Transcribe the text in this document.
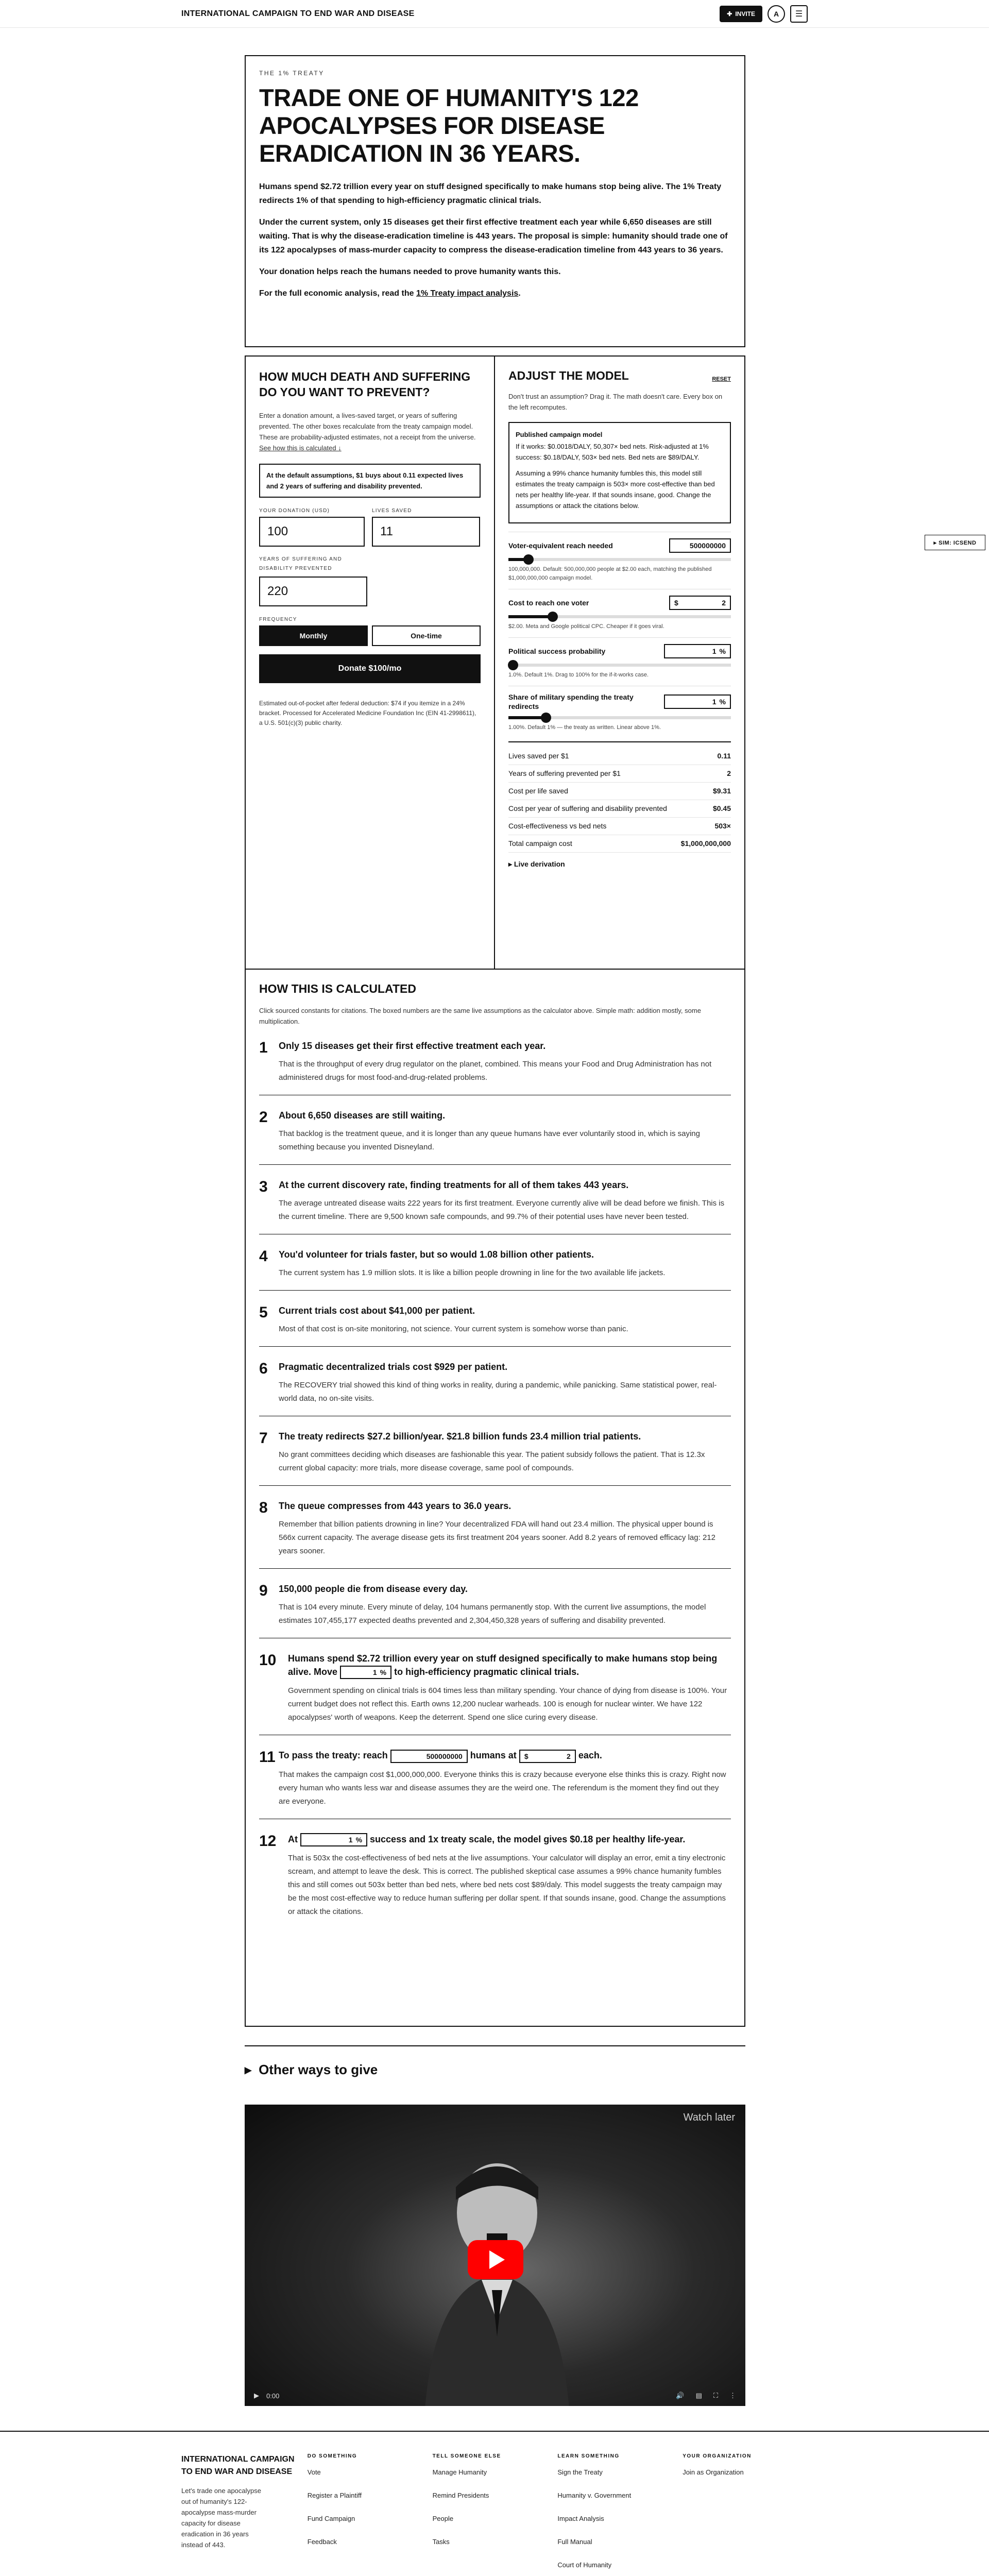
INTERNATIONAL CAMPAIGN TO END WAR AND DISEASE	✚ INVITE	A	☰
THE 1% TREATY
TRADE ONE OF HUMANITY'S 122 APOCALYPSES FOR DISEASE ERADICATION IN 36 YEARS.

Humans spend $2.72 trillion every year on stuff designed specifically to make humans stop being alive. The 1% Treaty redirects 1% of that spending to high-efficiency pragmatic clinical trials.

Under the current system, only 15 diseases get their first effective treatment each year while 6,650 diseases are still waiting. That is why the disease-eradication timeline is 443 years. The proposal is simple: humanity should trade one of its 122 apocalypses of mass-murder capacity to compress the disease-eradication timeline from 443 years to 36 years.

Your donation helps reach the humans needed to prove humanity wants this.

For the full economic analysis, read the 1% Treaty impact analysis.

HOW MUCH DEATH AND SUFFERING DO YOU WANT TO PREVENT?

Enter a donation amount, a lives-saved target, or years of suffering prevented. The other boxes recalculate from the treaty campaign model. These are probability-adjusted estimates, not a receipt from the universe. See how this is calculated ↓

At the default assumptions, $1 buys about 0.11 expected lives and 2 years of suffering and disability prevented.
YOUR DONATION (USD)
100
LIVES SAVED
11
YEARS OF SUFFERING AND DISABILITY PREVENTED
220
FREQUENCY
Monthly	One-time
Donate $100/mo

Estimated out-of-pocket after federal deduction: $74 if you itemize in a 24% bracket. Processed for Accelerated Medicine Foundation Inc (EIN 41-2998611), a U.S. 501(c)(3) public charity.

ADJUST THE MODEL	RESET

Don't trust an assumption? Drag it. The math doesn't care. Every box on the left recomputes.

Published campaign model

If it works: $0.0018/DALY, 50,307× bed nets. Risk-adjusted at 1% success: $0.18/DALY, 503× bed nets. Bed nets are $89/DALY.

Assuming a 99% chance humanity fumbles this, this model still estimates the treaty campaign is 503× more cost-effective than bed nets per healthy life-year. If that sounds insane, good. Change the assumptions or attack the citations below.

Voter-equivalent reach needed	500000000
100,000,000. Default: 500,000,000 people at $2.00 each, matching the published $1,000,000,000 campaign model.
Cost to reach one voter	$	2
$2.00. Meta and Google political CPC. Cheaper if it goes viral.
Political success probability	1 %
1.0%. Default 1%. Drag to 100% for the if-it-works case.
Share of military spending the treaty redirects
1 %
1.00%. Default 1% — the treaty as written. Linear above 1%.
Lives saved per $1	0.11
Years of suffering prevented per $1	2
Cost per life saved	$9.31
Cost per year of suffering and disability prevented	$0.45
Cost-effectiveness vs bed nets	503×
Total campaign cost	$1,000,000,000
▸ Live derivation
▸ SIM: ICSEND
HOW THIS IS CALCULATED

Click sourced constants for citations. The boxed numbers are the same live assumptions as the calculator above. Simple math: addition mostly, some multiplication.

1	Only 15 diseases get their first effective treatment each year.
That is the throughput of every drug regulator on the planet, combined. This means your Food and Drug Administration has not administered drugs for most food-and-drug-related problems.
2	About 6,650 diseases are still waiting.
That backlog is the treatment queue, and it is longer than any queue humans have ever voluntarily stood in, which is saying something because you invented Disneyland.
3	At the current discovery rate, finding treatments for all of them takes 443 years.
The average untreated disease waits 222 years for its first treatment. Everyone currently alive will be dead before we finish. This is the current timeline. There are 9,500 known safe compounds, and 99.7% of their potential uses have never been tested.
4	You'd volunteer for trials faster, but so would 1.08 billion other patients.
The current system has 1.9 million slots. It is like a billion people drowning in line for the two available life jackets.
5	Current trials cost about $41,000 per patient.
Most of that cost is on-site monitoring, not science. Your current system is somehow worse than panic.
6	Pragmatic decentralized trials cost $929 per patient.
The RECOVERY trial showed this kind of thing works in reality, during a pandemic, while panicking. Same statistical power, real-world data, no on-site visits.
7	The treaty redirects $27.2 billion/year. $21.8 billion funds 23.4 million trial patients.
No grant committees deciding which diseases are fashionable this year. The patient subsidy follows the patient. That is 12.3x current global capacity: more trials, more disease coverage, same pool of compounds.
8	The queue compresses from 443 years to 36.0 years.
Remember that billion patients drowning in line? Your decentralized FDA will hand out 23.4 million. The physical upper bound is 566x current capacity. The average disease gets its first treatment 204 years sooner. Add 8.2 years of removed efficacy lag: 212 years sooner.
9	150,000 people die from disease every day.
That is 104 every minute. Every minute of delay, 104 humans permanently stop. With the current live assumptions, the model estimates 107,455,177 expected deaths prevented and 2,304,450,328 years of suffering and disability prevented.
10	Humans spend $2.72 trillion every year on stuff designed specifically to make humans stop being alive. Move	1 % to high-efficiency pragmatic clinical trials.
Government spending on clinical trials is 604 times less than military spending. Your chance of dying from disease is 100%. Your current budget does not reflect this. Earth owns 12,200 nuclear warheads. 100 is enough for nuclear winter. We have 122 apocalypses' worth of weapons. Keep the deterrent. Spend one slice curing every disease.
11 To pass the treaty: reach	500000000 humans at $	2 each.
That makes the campaign cost $1,000,000,000. Everyone thinks this is crazy because everyone else thinks this is crazy. Right now every human who wants less war and disease assumes they are the weird one. The referendum is the moment they find out they are everyone.
12	At	1 % success and 1x treaty scale, the model gives $0.18 per healthy life-year.
That is 503x the cost-effectiveness of bed nets at the live assumptions. Your calculator will display an error, emit a tiny electronic scream, and attempt to leave the desk. This is correct. The published skeptical case assumes a 99% chance humanity fumbles this and still comes out 503x better than bed nets, where bed nets cost $89/daly. This model suggests the treaty campaign may be the most cost-effective way to reduce human suffering per dollar spent. If that sounds insane, good. Change the assumptions or attack the citations.
▸ Other ways to give
Watch later
▶ 0:00	🔊 ▤ ⛶ ⋮
INTERNATIONAL CAMPAIGN TO END WAR AND DISEASE
Let's trade one apocalypse out of humanity's 122-apocalypse mass-murder capacity for disease eradication in 36 years instead of 443.
DO SOMETHING
Vote
Register a Plaintiff
Fund Campaign
Feedback
TELL SOMEONE ELSE
Manage Humanity
Remind Presidents
People
Tasks
LEARN SOMETHING
Sign the Treaty
Humanity v. Government
Impact Analysis
Full Manual
Court of Humanity
YOUR ORGANIZATION
Join as Organization
